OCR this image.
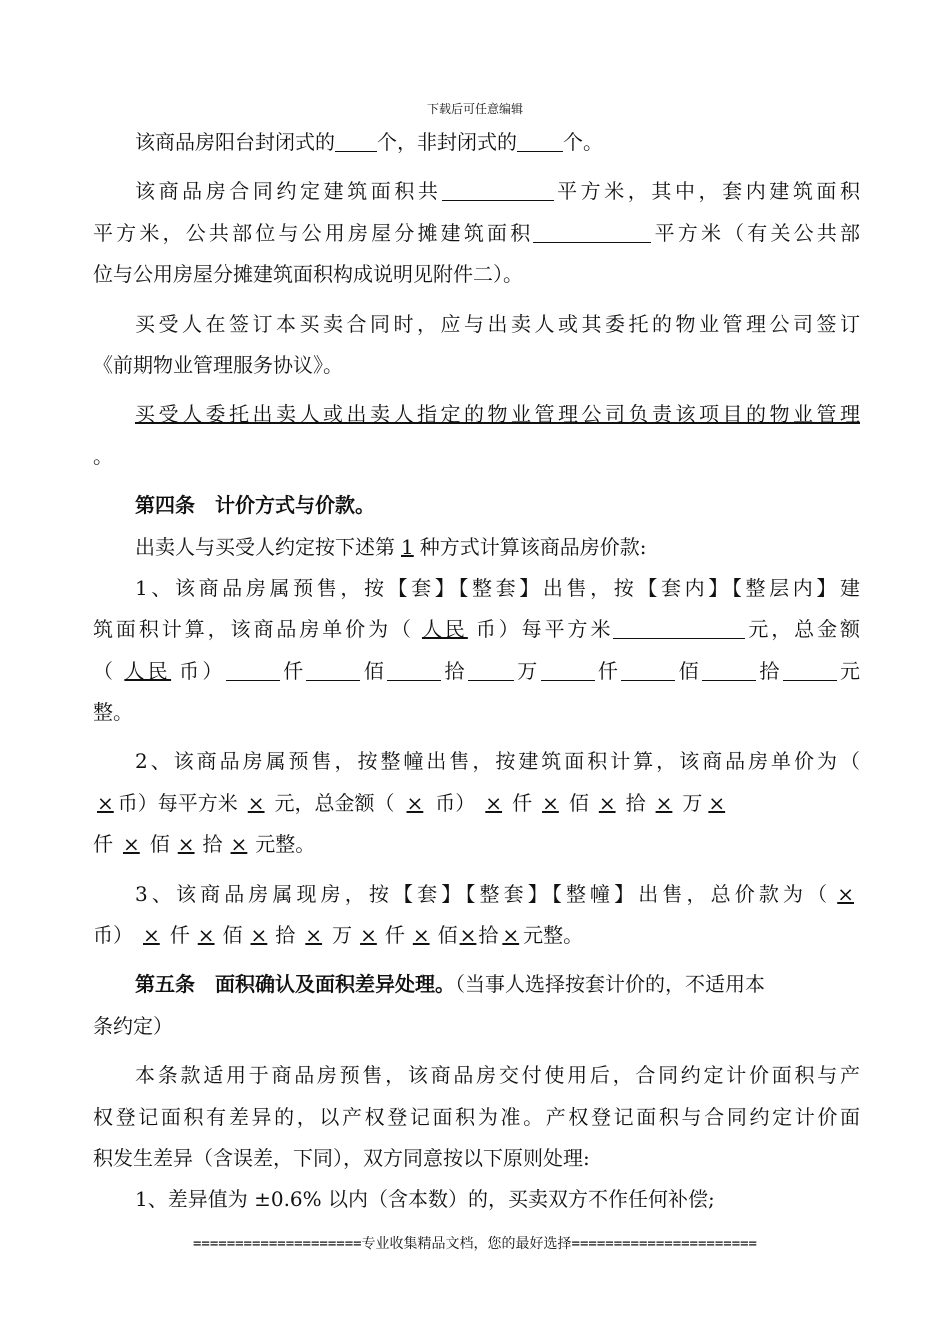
下载后可任意编辑
该商品房阳台封闭式的 个，非封闭式的 个。
该商品房合同约定建筑面积共	平方米，其中，套内建筑面积
平方米，公共部位与公用房屋分摊建筑面积	平方米（有关公共部
位与公用房屋分摊建筑面积构成说明见附件二）。
买受人在签订本买卖合同时，应与出卖人或其委托的物业管理公司签订
《前期物业管理服务协议》。
买受人委托出卖人或出卖人指定的物业管理公司负责该项目的物业管理
。
第四条　计价方式与价款。
出卖人与买受人约定按下述第 1 种方式计算该商品房价款:
1、该商品房属预售，按【套】【整套】出售，按【套内】【整层内】建
筑面积计算，该商品房单价为（ 人民 币）每平方米	元，总金额
（ 人民 币）	仟	佰	拾 万	仟	佰	拾	元
整。
2、该商品房属预售，按整幢出售，按建筑面积计算，该商品房单价为（
× 币）每平方米 × 元，总金额（ × 币） × 仟 × 佰 × 拾 × 万 ×
仟 × 佰 × 拾 × 元整。
3、该商品房属现房，按【套】【整套】【整幢】出售，总价款为（ ×
币） × 仟 × 佰 × 拾 × 万 × 仟 × 佰 × 拾 × 元整。
第五条　面积确认及面积差异处理。（当事人选择按套计价的，不适用本
条约定）
本条款适用于商品房预售，该商品房交付使用后，合同约定计价面积与产
权登记面积有差异的，以产权登记面积为准。产权登记面积与合同约定计价面
积发生差异（含误差，下同），双方同意按以下原则处理:
1、差异值为 ±0.6% 以内（含本数）的，买卖双方不作任何补偿;
====================专业收集精品文档，您的最好选择======================
